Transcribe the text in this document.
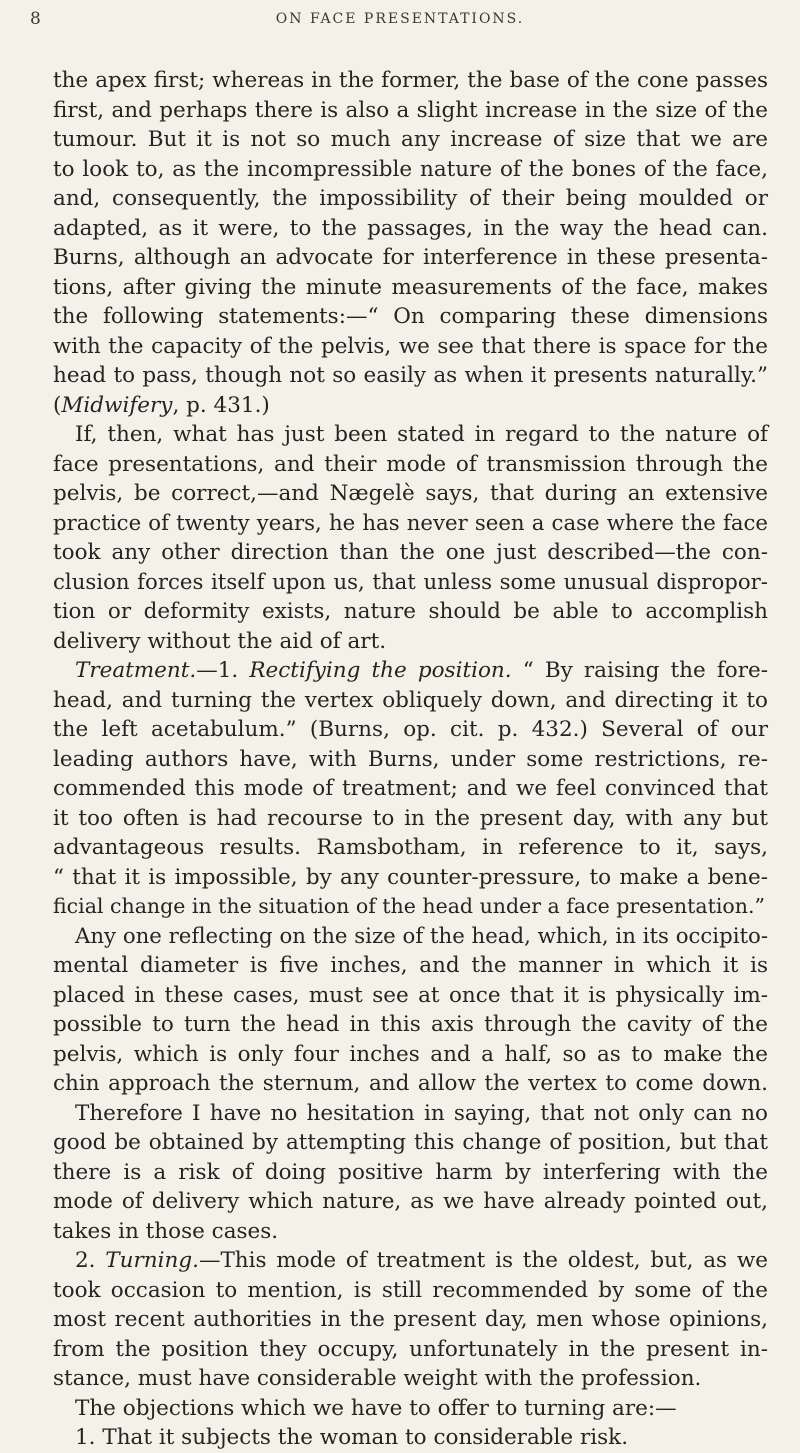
8	ON FACE PRESENTATIONS.
the apex first; whereas in the former, the base of the cone passes
first, and perhaps there is also a slight increase in the size of the
tumour. But it is not so much any increase of size that we are
to look to, as the incompressible nature of the bones of the face,
and, consequently, the impossibility of their being moulded or
adapted, as it were, to the passages, in the way the head can.
Burns, although an advocate for interference in these presenta-
tions, after giving the minute measurements of the face, makes
the following statements:—“ On comparing these dimensions
with the capacity of the pelvis, we see that there is space for the
head to pass, though not so easily as when it presents naturally.”
(Midwifery, p. 431.)
If, then, what has just been stated in regard to the nature of
face presentations, and their mode of transmission through the
pelvis, be correct,—and Nægelè says, that during an extensive
practice of twenty years, he has never seen a case where the face
took any other direction than the one just described—the con-
clusion forces itself upon us, that unless some unusual dispropor-
tion or deformity exists, nature should be able to accomplish
delivery without the aid of art.
Treatment.—1. Rectifying the position. “ By raising the fore-
head, and turning the vertex obliquely down, and directing it to
the left acetabulum.” (Burns, op. cit. p. 432.) Several of our
leading authors have, with Burns, under some restrictions, re-
commended this mode of treatment; and we feel convinced that
it too often is had recourse to in the present day, with any but
advantageous results. Ramsbotham, in reference to it, says,
“ that it is impossible, by any counter-pressure, to make a bene-
ficial change in the situation of the head under a face presentation.”
Any one reflecting on the size of the head, which, in its occipito-
mental diameter is five inches, and the manner in which it is
placed in these cases, must see at once that it is physically im-
possible to turn the head in this axis through the cavity of the
pelvis, which is only four inches and a half, so as to make the
chin approach the sternum, and allow the vertex to come down.
Therefore I have no hesitation in saying, that not only can no
good be obtained by attempting this change of position, but that
there is a risk of doing positive harm by interfering with the
mode of delivery which nature, as we have already pointed out,
takes in those cases.
2. Turning.—This mode of treatment is the oldest, but, as we
took occasion to mention, is still recommended by some of the
most recent authorities in the present day, men whose opinions,
from the position they occupy, unfortunately in the present in-
stance, must have considerable weight with the profession.
The objections which we have to offer to turning are:—
1. That it subjects the woman to considerable risk.
